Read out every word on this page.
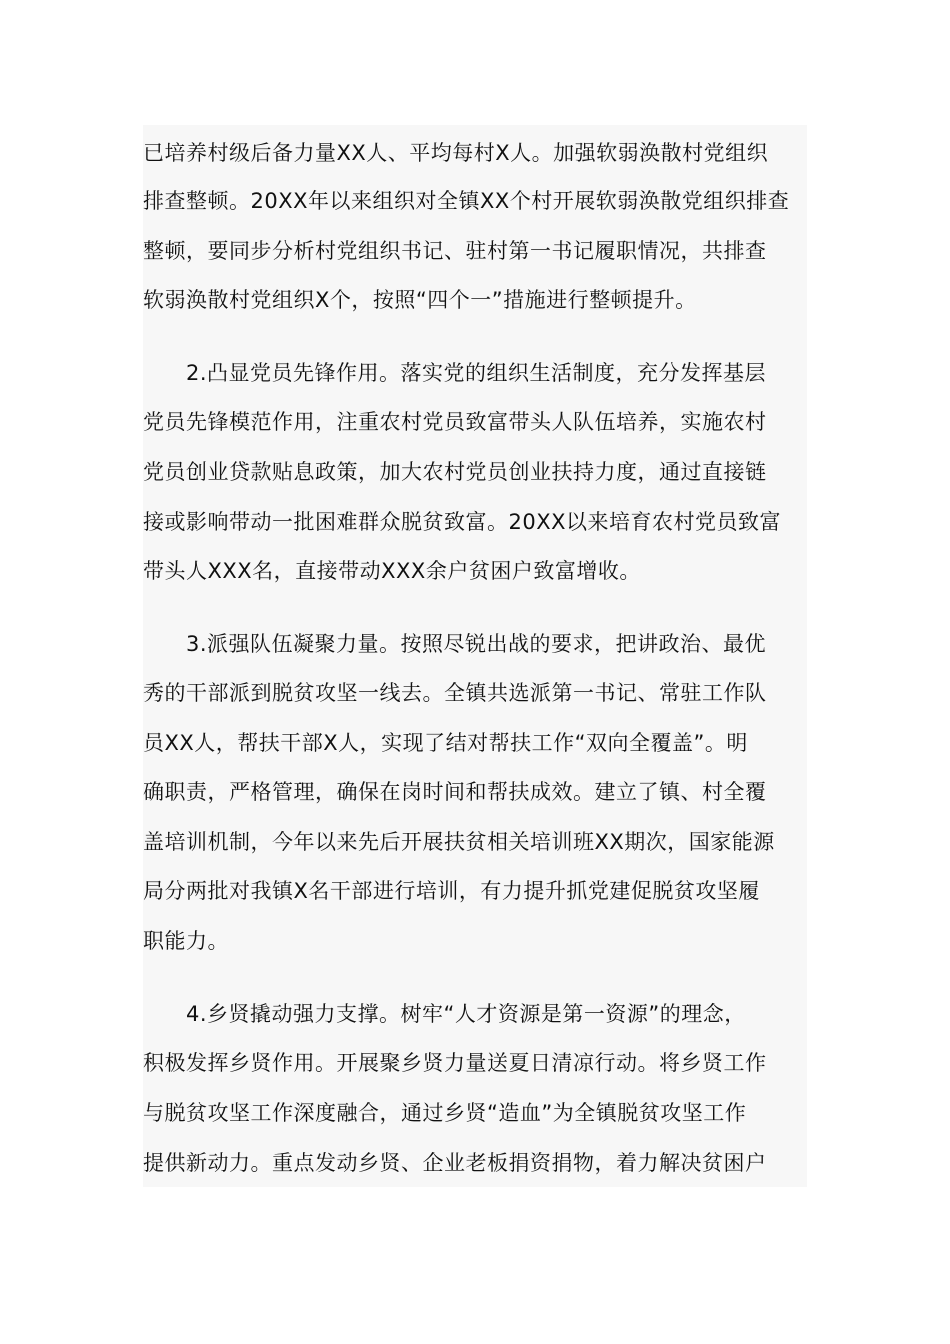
已培养村级后备力量XX人、平均每村X人。加强软弱涣散村党组织
排查整顿。20XX年以来组织对全镇XX个村开展软弱涣散党组织排查
整顿，要同步分析村党组织书记、驻村第一书记履职情况，共排查
软弱涣散村党组织X个，按照“四个一”措施进行整顿提升。
2.凸显党员先锋作用。落实党的组织生活制度，充分发挥基层
党员先锋模范作用，注重农村党员致富带头人队伍培养，实施农村
党员创业贷款贴息政策，加大农村党员创业扶持力度，通过直接链
接或影响带动一批困难群众脱贫致富。20XX以来培育农村党员致富
带头人XXX名，直接带动XXX余户贫困户致富增收。
3.派强队伍凝聚力量。按照尽锐出战的要求，把讲政治、最优
秀的干部派到脱贫攻坚一线去。全镇共选派第一书记、常驻工作队
员XX人，帮扶干部X人，实现了结对帮扶工作“双向全覆盖”。明
确职责，严格管理，确保在岗时间和帮扶成效。建立了镇、村全覆
盖培训机制，今年以来先后开展扶贫相关培训班XX期次，国家能源
局分两批对我镇X名干部进行培训，有力提升抓党建促脱贫攻坚履
职能力。
4.乡贤撬动强力支撑。树牢“人才资源是第一资源”的理念，
积极发挥乡贤作用。开展聚乡贤力量送夏日清凉行动。将乡贤工作
与脱贫攻坚工作深度融合，通过乡贤“造血”为全镇脱贫攻坚工作
提供新动力。重点发动乡贤、企业老板捐资捐物，着力解决贫困户
